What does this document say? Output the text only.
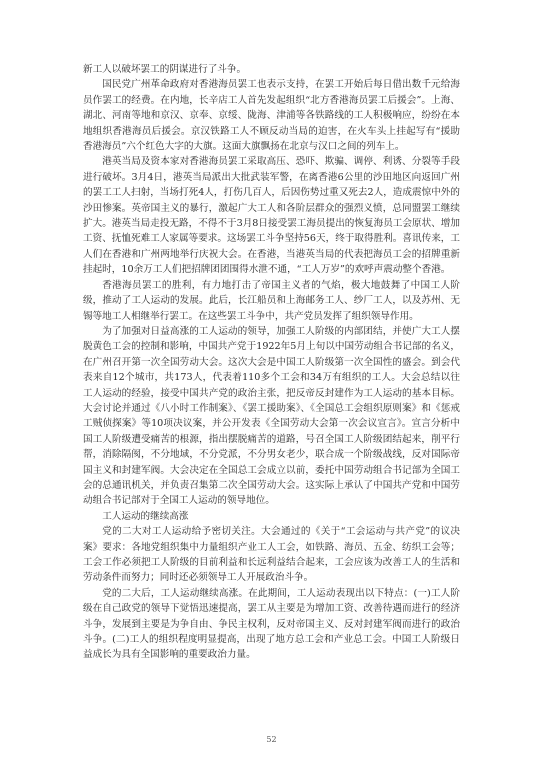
新工人以破坏罢工的阴谋进行了斗争。

国民党广州革命政府对香港海员罢工也表示支持，在罢工开始后每日借出数千元给海员作罢工的经费。在内地，长辛店工人首先发起组织“北方香港海员罢工后援会”。上海、湖北、河南等地和京汉、京奉、京绥、陇海、津浦等各铁路线的工人积极响应，纷纷在本地组织香港海员后援会。京汉铁路工人不顾反动当局的迫害，在火车头上挂起写有“援助香港海员”六个红色大字的大旗。这面大旗飘扬在北京与汉口之间的列车上。

港英当局及资本家对香港海员罢工采取高压、恐吓、欺骗、调停、利诱、分裂等手段进行破坏。3月4日，港英当局派出大批武装军警，在离香港6公里的沙田地区向返回广州的罢工工人扫射，当场打死4人，打伤几百人，后因伤势过重又死去2人，造成震惊中外的沙田惨案。英帝国主义的暴行，激起广大工人和各阶层群众的强烈义愤，总同盟罢工继续扩大。港英当局走投无路，不得不于3月8日接受罢工海员提出的恢复海员工会原状、增加工资、抚恤死难工人家属等要求。这场罢工斗争坚持56天，终于取得胜利。喜讯传来，工人们在香港和广州两地举行庆祝大会。在香港，当港英当局的代表把海员工会的招牌重新挂起时，10余万工人们把招牌团团围得水泄不通，“工人万岁”的欢呼声震动整个香港。

香港海员罢工的胜利，有力地打击了帝国主义者的气焰，极大地鼓舞了中国工人阶级，推动了工人运动的发展。此后，长江船员和上海邮务工人、纱厂工人，以及苏州、无锡等地工人相继举行罢工。在这些罢工斗争中，共产党员发挥了组织领导作用。

为了加强对日益高涨的工人运动的领导，加强工人阶级的内部团结，并使广大工人摆脱黄色工会的控制和影响，中国共产党于1922年5月上旬以中国劳动组合书记部的名义，在广州召开第一次全国劳动大会。这次大会是中国工人阶级第一次全国性的盛会。到会代表来自12个城市，共173人，代表着110多个工会和34万有组织的工人。大会总结以往工人运动的经验，接受中国共产党的政治主张，把反帝反封建作为工人运动的基本目标。大会讨论并通过《八小时工作制案》、《罢工援助案》、《全国总工会组织原则案》和《惩戒工贼侦探案》等10项决议案，并公开发表《全国劳动大会第一次会议宣言》。宣言分析中国工人阶级遭受痛苦的根源，指出摆脱痛苦的道路，号召全国工人阶级团结起来，削平行帮，消除隔阂，不分地域，不分党派，不分男女老少，联合成一个阶级战线，反对国际帝国主义和封建军阀。大会决定在全国总工会成立以前，委托中国劳动组合书记部为全国工会的总通讯机关，并负责召集第二次全国劳动大会。这实际上承认了中国共产党和中国劳动组合书记部对于全国工人运动的领导地位。

工人运动的继续高涨

党的二大对工人运动给予密切关注。大会通过的《关于“工会运动与共产党”的议决案》要求：各地党组织集中力量组织产业工人工会，如铁路、海员、五金、纺织工会等；工会工作必须把工人阶级的目前利益和长远利益结合起来，工会应该为改善工人的生活和劳动条件而努力；同时还必须领导工人开展政治斗争。

党的二大后，工人运动继续高涨。在此期间，工人运动表现出以下特点：(一)工人阶级在自己政党的领导下觉悟迅速提高，罢工从主要是为增加工资、改善待遇而进行的经济斗争，发展到主要是为争自由、争民主权利，反对帝国主义、反对封建军阀而进行的政治斗争。(二)工人的组织程度明显提高，出现了地方总工会和产业总工会。中国工人阶级日益成长为具有全国影响的重要政治力量。

52
